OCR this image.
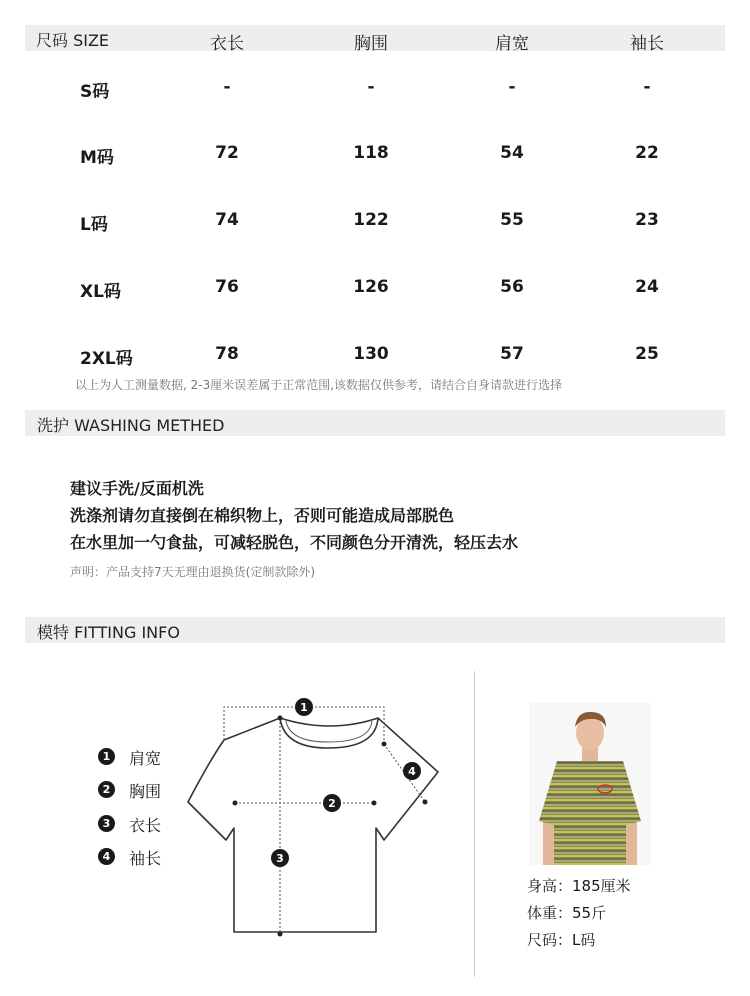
尺码 SIZE	衣长	胸围	肩宽	袖长
S码	-	-	-	-
M码	72	118	54	22
L码	74	122	55	23
XL码	76	126	56	24
2XL码	78	130	57	25
以上为人工测量数据, 2-3厘米误差属于正常范围,该数据仅供参考，请结合自身请款进行选择
洗护 WASHING METHED
建议手洗/反面机洗
洗涤剂请勿直接倒在棉织物上，否则可能造成局部脱色
在水里加一勺食盐，可减轻脱色，不同颜色分开清洗，轻压去水
声明：产品支持7天无理由退换货(定制款除外)
模特 FITTING INFO
1 肩宽
2 胸围
3 衣长
4 袖长
1
2
3
4
身高：185厘米
体重：55斤
尺码：L码
